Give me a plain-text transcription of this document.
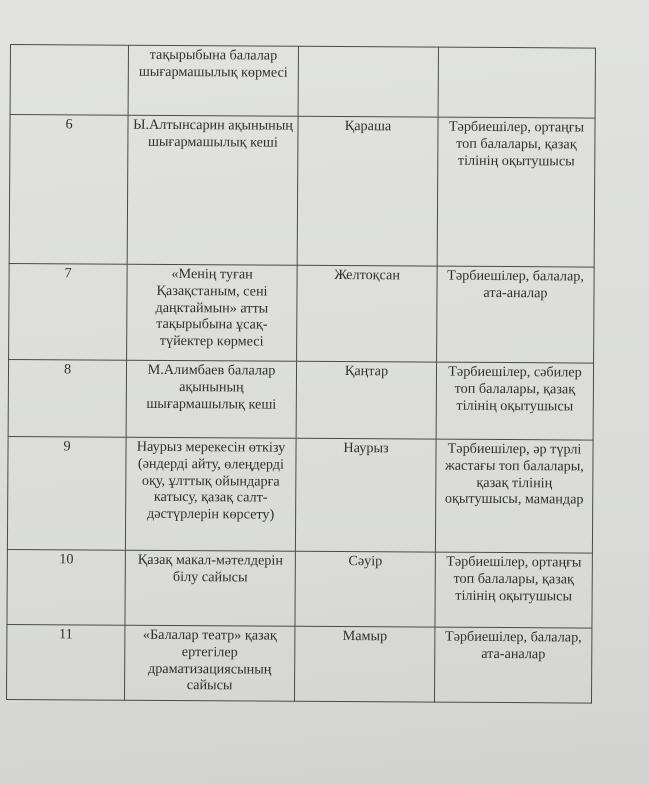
	тақырыбына балалар шығармашылық көрмесі		
6	Ы.Алтынсарин ақынының шығармашылық кеші	Қараша	Тәрбиешілер, ортаңғы топ балалары, қазақ тілінің оқытушысы
7	«Менің туған Қазақстаным, сені даңктаймын» атты тақырыбына ұсақ-түйектер көрмесі	Желтоқсан	Тәрбиешілер, балалар, ата-аналар
8	М.Алимбаев балалар ақынының шығармашылық кеші	Қаңтар	Тәрбиешілер, сәбилер топ балалары, қазақ тілінің оқытушысы
9	Наурыз мерекесін өткізу (әндерді айту, өлеңдерді оқу, ұлттық ойындарға катысу, қазақ салт-дәстүрлерін көрсету)	Наурыз	Тәрбиешілер, әр түрлі жастағы топ балалары, қазақ тілінің оқытушысы, мамандар
10	Қазақ макал-мәтелдерін білу сайысы	Сәуір	Тәрбиешілер, ортаңғы топ балалары, қазақ тілінің оқытушысы
11	«Балалар театр» қазақ ертегілер драматизациясының сайысы	Мамыр	Тәрбиешілер, балалар, ата-аналар
